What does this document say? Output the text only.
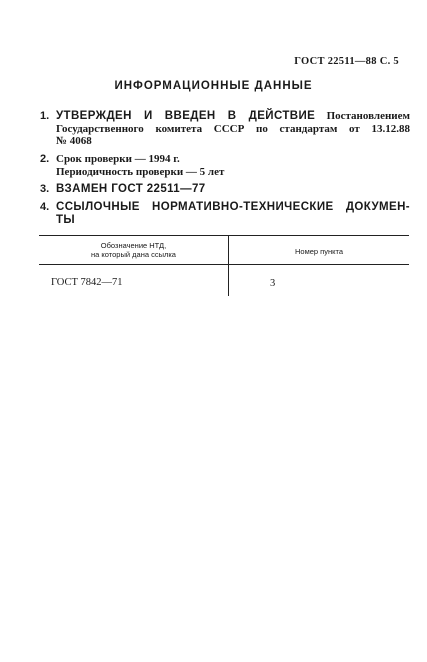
ГОСТ 22511—88 С. 5
ИНФОРМАЦИОННЫЕ ДАННЫЕ
1. УТВЕРЖДЕН И ВВЕДЕН В ДЕЙСТВИЕ Постановлением
Государственного комитета СССР по стандартам от 13.12.88
№ 4068
2. Срок проверки — 1994 г.
Периодичность проверки — 5 лет
3. ВЗАМЕН ГОСТ 22511—77
4. ССЫЛОЧНЫЕ НОРМАТИВНО-ТЕХНИЧЕСКИЕ ДОКУМЕН-
ТЫ
Обозначение НТД,
на который дана ссылка	Номер пункта
ГОСТ 7842—71	3
